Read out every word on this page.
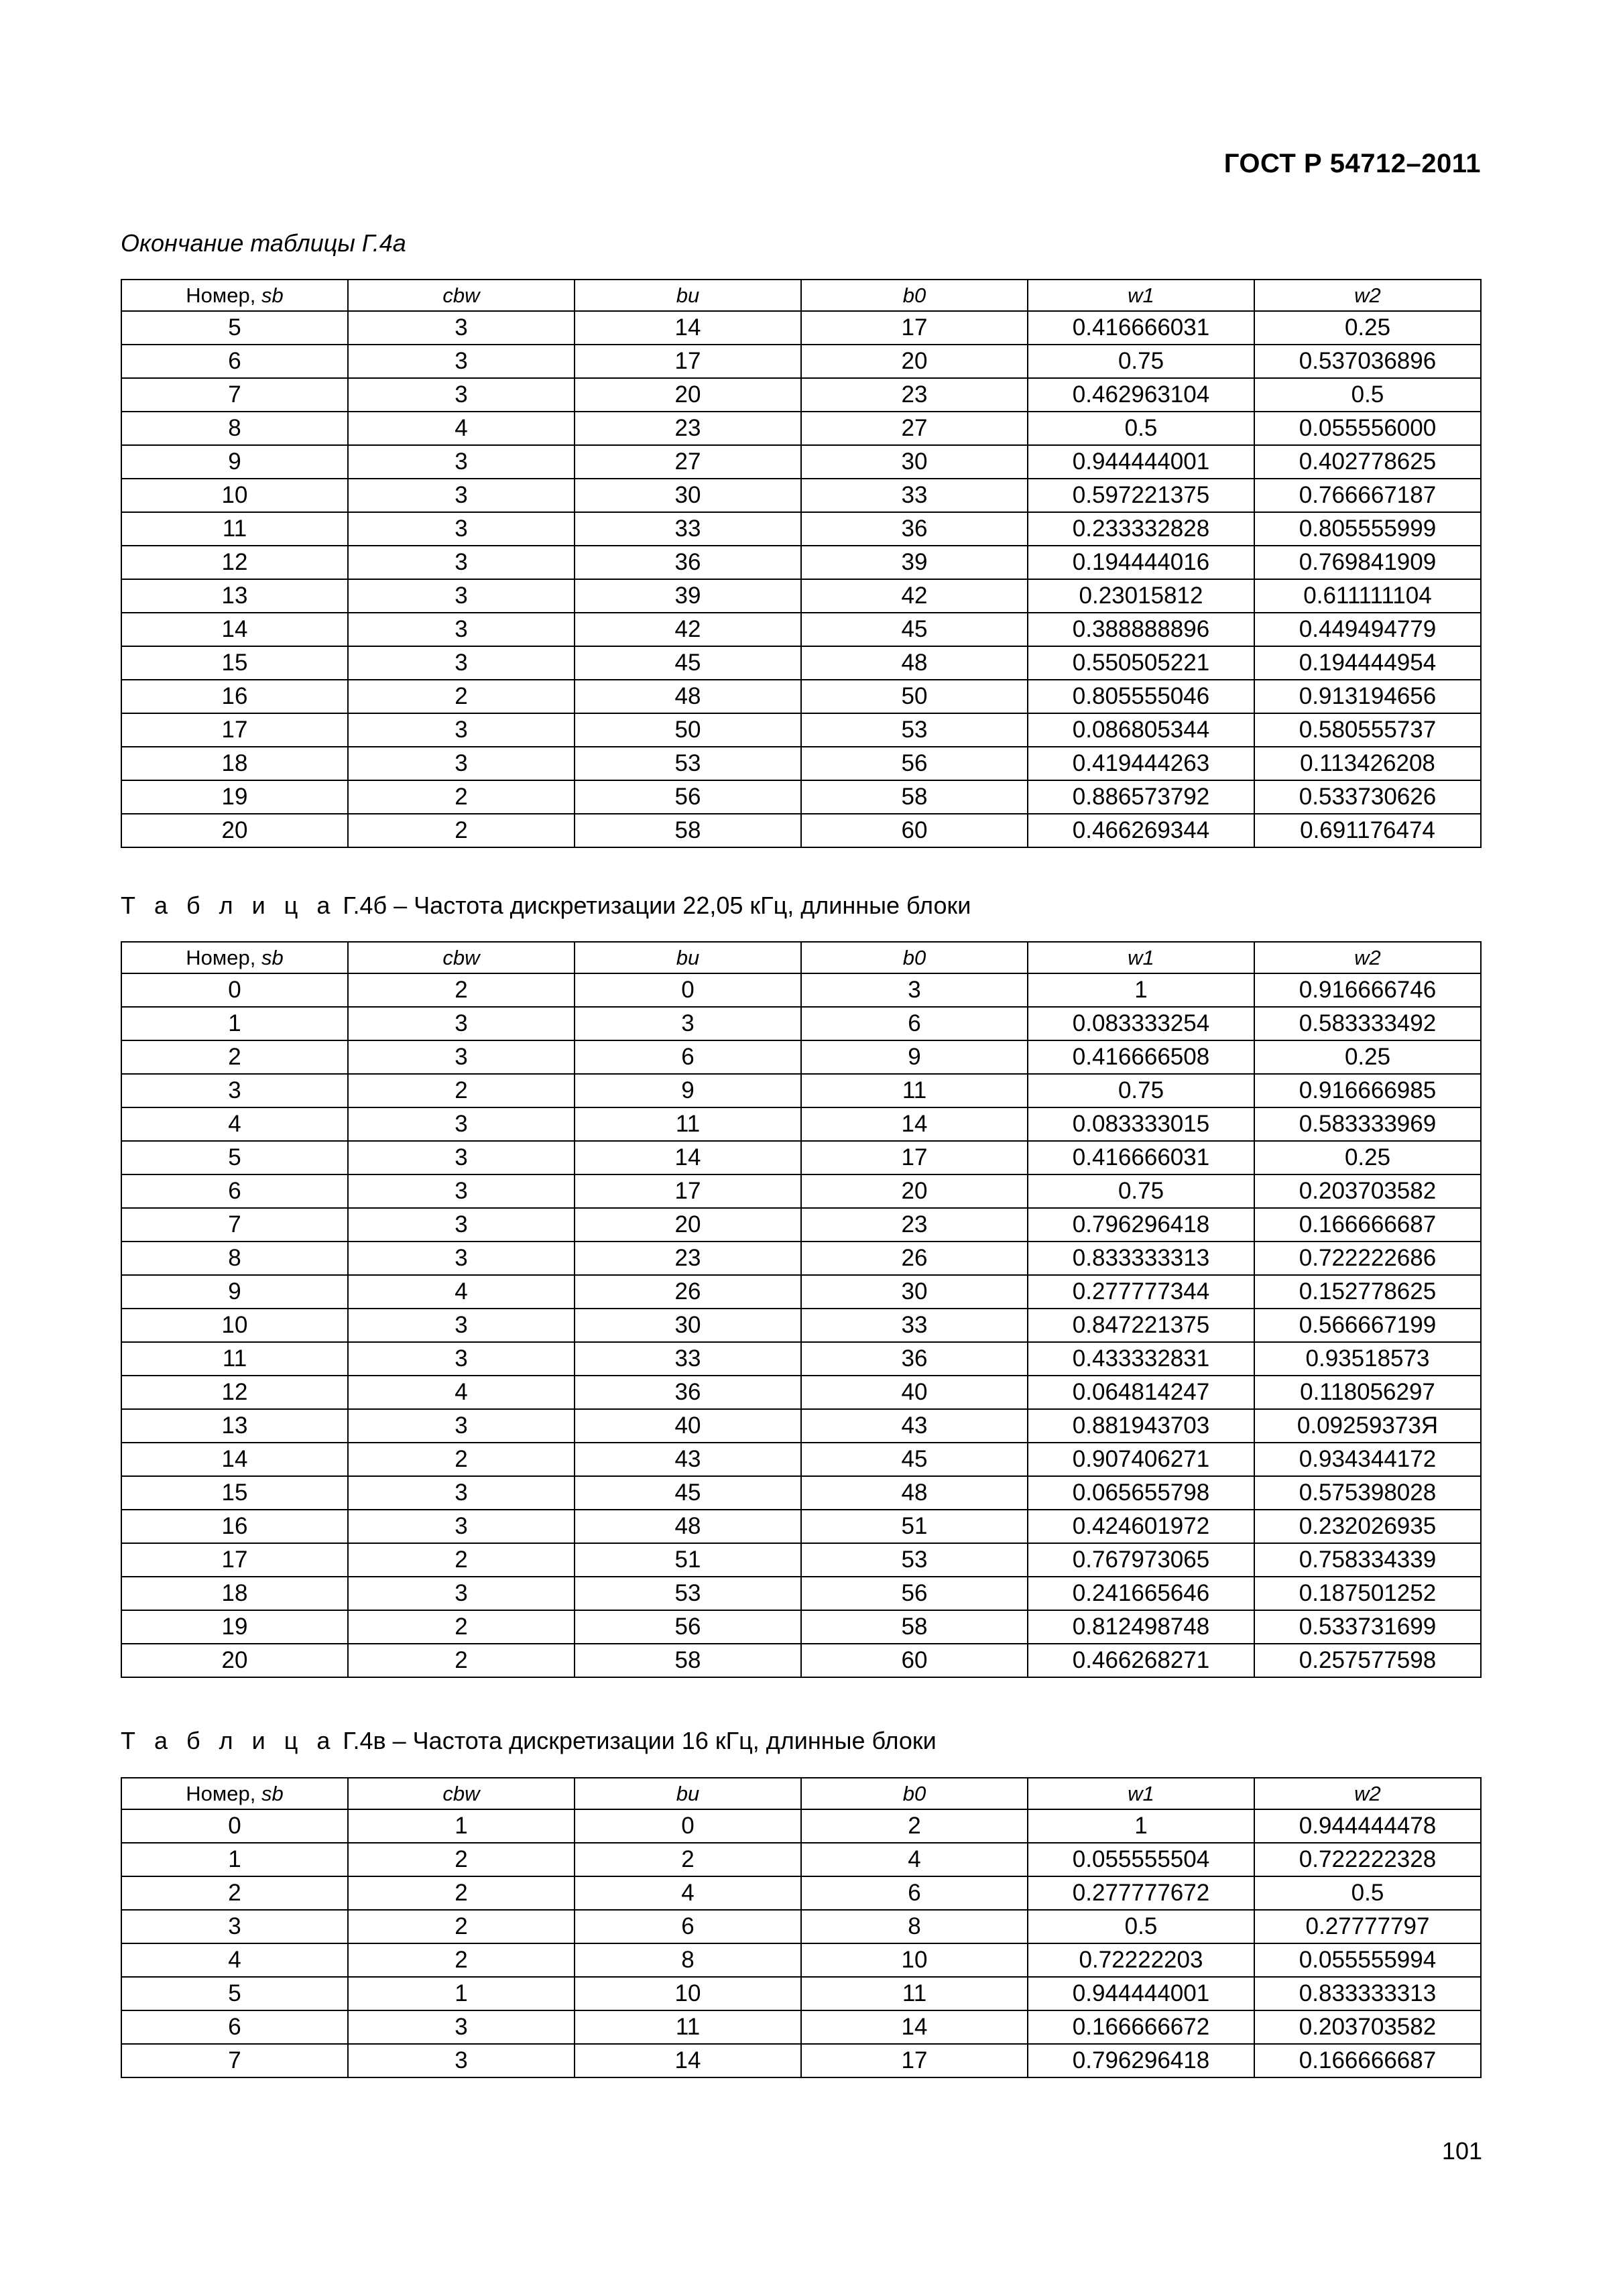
ГОСТ Р 54712–2011
Окончание таблицы Г.4а
Номер, sb	cbw	bu	b0	w1	w2
5	3	14	17	0.416666031	0.25
6	3	17	20	0.75	0.537036896
7	3	20	23	0.462963104	0.5
8	4	23	27	0.5	0.055556000
9	3	27	30	0.944444001	0.402778625
10	3	30	33	0.597221375	0.766667187
11	3	33	36	0.233332828	0.805555999
12	3	36	39	0.194444016	0.769841909
13	3	39	42	0.23015812	0.611111104
14	3	42	45	0.388888896	0.449494779
15	3	45	48	0.550505221	0.194444954
16	2	48	50	0.805555046	0.913194656
17	3	50	53	0.086805344	0.580555737
18	3	53	56	0.419444263	0.113426208
19	2	56	58	0.886573792	0.533730626
20	2	58	60	0.466269344	0.691176474
Т а б л и ц а Г.4б – Частота дискретизации 22,05 кГц, длинные блоки
Номер, sb	cbw	bu	b0	w1	w2
0	2	0	3	1	0.916666746
1	3	3	6	0.083333254	0.583333492
2	3	6	9	0.416666508	0.25
3	2	9	11	0.75	0.916666985
4	3	11	14	0.083333015	0.583333969
5	3	14	17	0.416666031	0.25
6	3	17	20	0.75	0.203703582
7	3	20	23	0.796296418	0.166666687
8	3	23	26	0.833333313	0.722222686
9	4	26	30	0.277777344	0.152778625
10	3	30	33	0.847221375	0.566667199
11	3	33	36	0.433332831	0.93518573
12	4	36	40	0.064814247	0.118056297
13	3	40	43	0.881943703	0.09259373Я
14	2	43	45	0.907406271	0.934344172
15	3	45	48	0.065655798	0.575398028
16	3	48	51	0.424601972	0.232026935
17	2	51	53	0.767973065	0.758334339
18	3	53	56	0.241665646	0.187501252
19	2	56	58	0.812498748	0.533731699
20	2	58	60	0.466268271	0.257577598
Т а б л и ц а Г.4в – Частота дискретизации 16 кГц, длинные блоки
Номер, sb	cbw	bu	b0	w1	w2
0	1	0	2	1	0.944444478
1	2	2	4	0.055555504	0.722222328
2	2	4	6	0.277777672	0.5
3	2	6	8	0.5	0.27777797
4	2	8	10	0.72222203	0.055555994
5	1	10	11	0.944444001	0.833333313
6	3	11	14	0.166666672	0.203703582
7	3	14	17	0.796296418	0.166666687
101
